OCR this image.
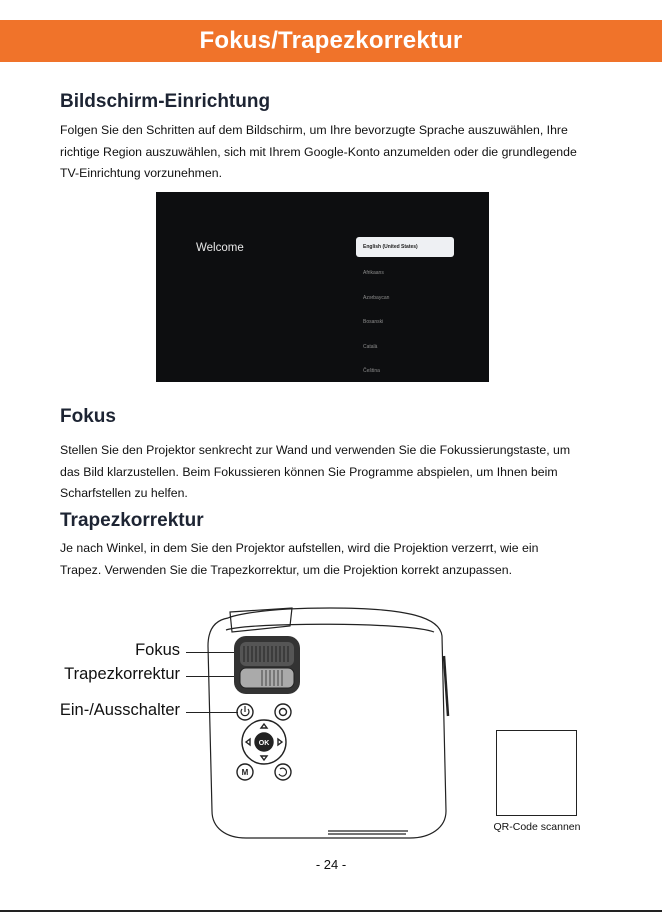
Fokus/Trapezkorrektur
Bildschirm-Einrichtung

Folgen Sie den Schritten auf dem Bildschirm, um Ihre bevorzugte Sprache auszuwählen, Ihre
richtige Region auszuwählen, sich mit Ihrem Google-Konto anzumelden oder die grundlegende
TV-Einrichtung vorzunehmen.

Welcome	English (United States)
Afrikaans
Azərbaycan
Bosanski
Català
Čeština
Fokus

Stellen Sie den Projektor senkrecht zur Wand und verwenden Sie die Fokussierungstaste, um
das Bild klarzustellen. Beim Fokussieren können Sie Programme abspielen, um Ihnen beim
Scharfstellen zu helfen.

Trapezkorrektur

Je nach Winkel, in dem Sie den Projektor aufstellen, wird die Projektion verzerrt, wie ein
Trapez. Verwenden Sie die Trapezkorrektur, um die Projektion korrekt anzupassen.

Fokus
Trapezkorrektur
Ein-/Ausschalter
OK
M
QR-Code scannen
- 24 -
